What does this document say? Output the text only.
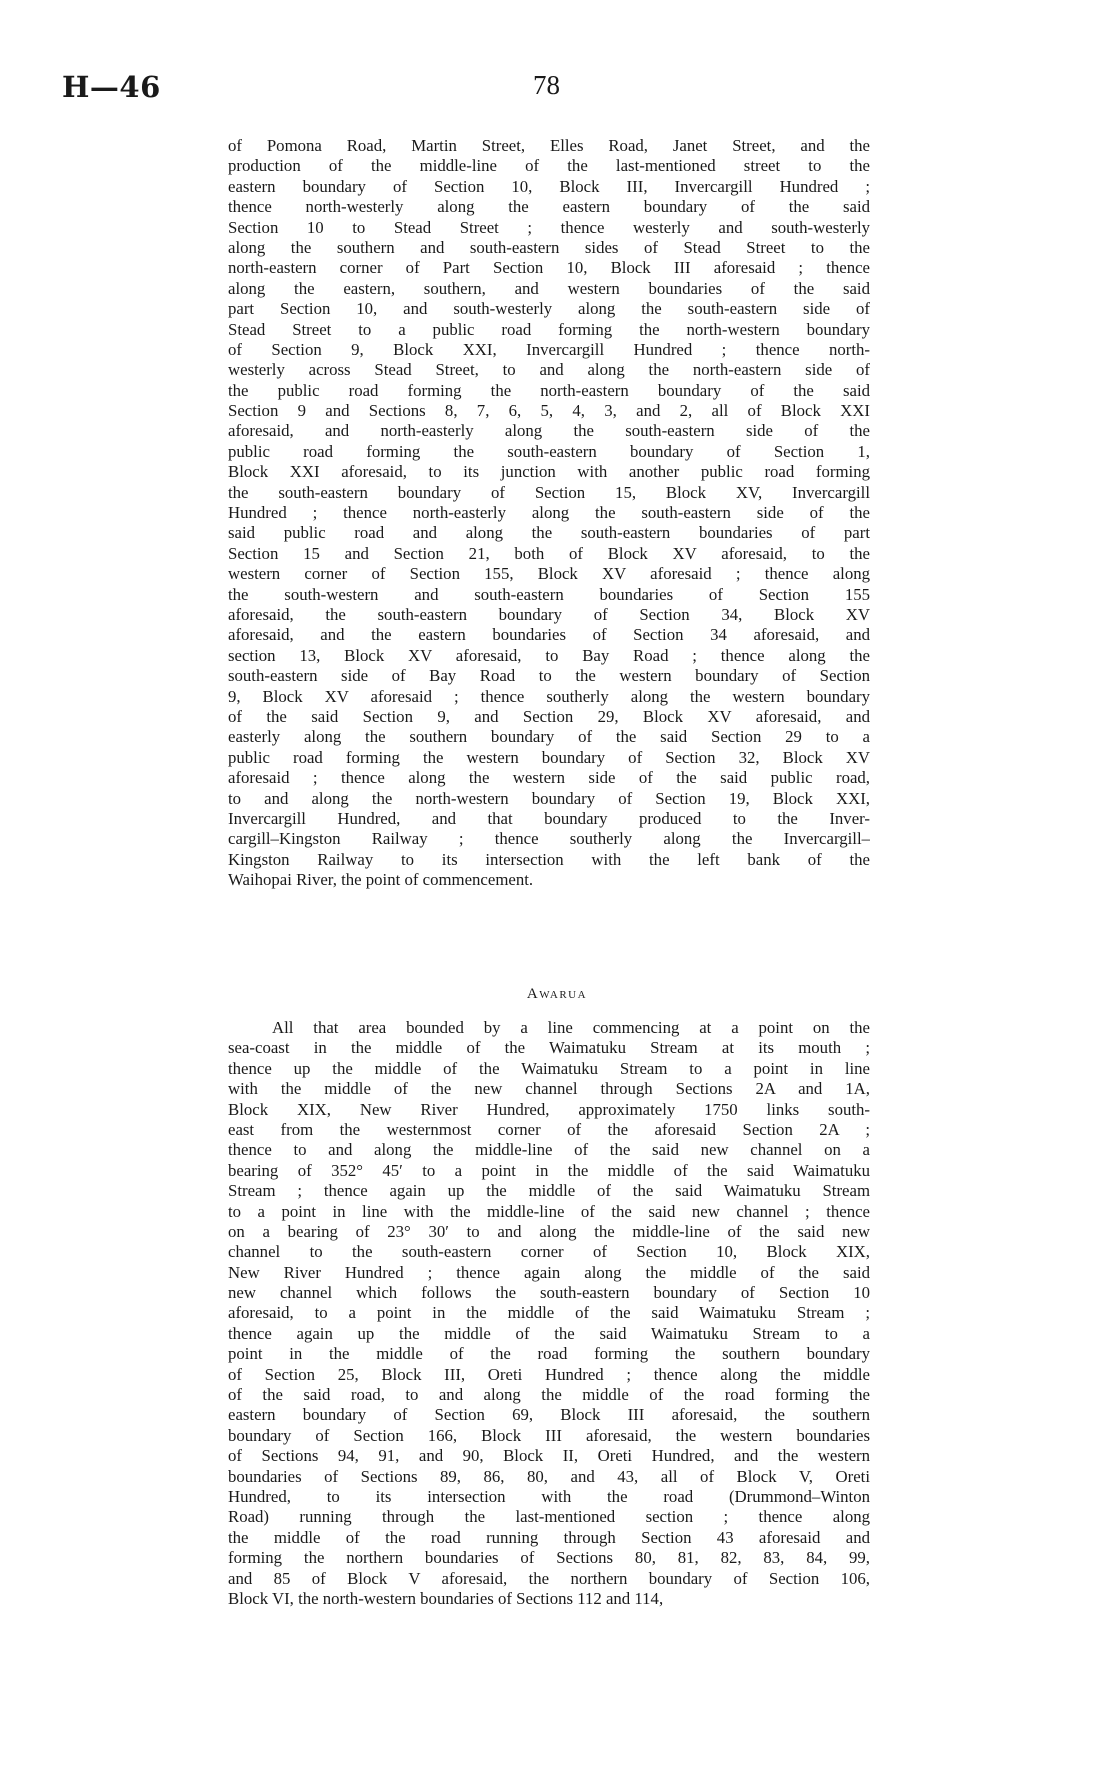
H—46	78
of Pomona Road, Martin Street, Elles Road, Janet Street, and the
production of the middle-line of the last-mentioned street to the
eastern boundary of Section 10, Block III, Invercargill Hundred ;
thence north-westerly along the eastern boundary of the said
Section 10 to Stead Street ; thence westerly and south-westerly
along the southern and south-eastern sides of Stead Street to the
north-eastern corner of Part Section 10, Block III aforesaid ; thence
along the eastern, southern, and western boundaries of the said
part Section 10, and south-westerly along the south-eastern side of
Stead Street to a public road forming the north-western boundary
of Section 9, Block XXI, Invercargill Hundred ; thence north-
westerly across Stead Street, to and along the north-eastern side of
the public road forming the north-eastern boundary of the said
Section 9 and Sections 8, 7, 6, 5, 4, 3, and 2, all of Block XXI
aforesaid, and north-easterly along the south-eastern side of the
public road forming the south-eastern boundary of Section 1,
Block XXI aforesaid, to its junction with another public road forming
the south-eastern boundary of Section 15, Block XV, Invercargill
Hundred ; thence north-easterly along the south-eastern side of the
said public road and along the south-eastern boundaries of part
Section 15 and Section 21, both of Block XV aforesaid, to the
western corner of Section 155, Block XV aforesaid ; thence along
the south-western and south-eastern boundaries of Section 155
aforesaid, the south-eastern boundary of Section 34, Block XV
aforesaid, and the eastern boundaries of Section 34 aforesaid, and
section 13, Block XV aforesaid, to Bay Road ; thence along the
south-eastern side of Bay Road to the western boundary of Section
9, Block XV aforesaid ; thence southerly along the western boundary
of the said Section 9, and Section 29, Block XV aforesaid, and
easterly along the southern boundary of the said Section 29 to a
public road forming the western boundary of Section 32, Block XV
aforesaid ; thence along the western side of the said public road,
to and along the north-western boundary of Section 19, Block XXI,
Invercargill Hundred, and that boundary produced to the Inver-
cargill–Kingston Railway ; thence southerly along the Invercargill–
Kingston Railway to its intersection with the left bank of the
Waihopai River, the point of commencement.
Awarua
All that area bounded by a line commencing at a point on the
sea-coast in the middle of the Waimatuku Stream at its mouth ;
thence up the middle of the Waimatuku Stream to a point in line
with the middle of the new channel through Sections 2A and 1A,
Block XIX, New River Hundred, approximately 1750 links south-
east from the westernmost corner of the aforesaid Section 2A ;
thence to and along the middle-line of the said new channel on a
bearing of 352° 45′ to a point in the middle of the said Waimatuku
Stream ; thence again up the middle of the said Waimatuku Stream
to a point in line with the middle-line of the said new channel ; thence
on a bearing of 23° 30′ to and along the middle-line of the said new
channel to the south-eastern corner of Section 10, Block XIX,
New River Hundred ; thence again along the middle of the said
new channel which follows the south-eastern boundary of Section 10
aforesaid, to a point in the middle of the said Waimatuku Stream ;
thence again up the middle of the said Waimatuku Stream to a
point in the middle of the road forming the southern boundary
of Section 25, Block III, Oreti Hundred ; thence along the middle
of the said road, to and along the middle of the road forming the
eastern boundary of Section 69, Block III aforesaid, the southern
boundary of Section 166, Block III aforesaid, the western boundaries
of Sections 94, 91, and 90, Block II, Oreti Hundred, and the western
boundaries of Sections 89, 86, 80, and 43, all of Block V, Oreti
Hundred, to its intersection with the road (Drummond–Winton
Road) running through the last-mentioned section ; thence along
the middle of the road running through Section 43 aforesaid and
forming the northern boundaries of Sections 80, 81, 82, 83, 84, 99,
and 85 of Block V aforesaid, the northern boundary of Section 106,
Block VI, the north-western boundaries of Sections 112 and 114,
